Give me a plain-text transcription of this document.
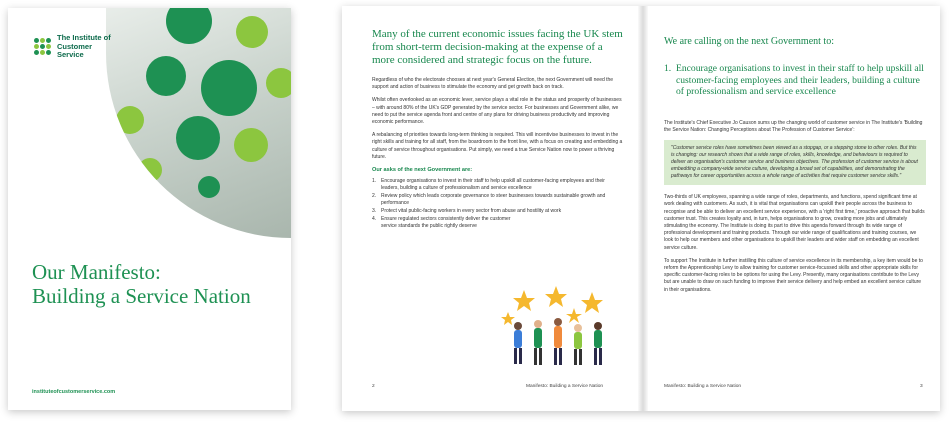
The Institute of
Customer Service
Our Manifesto:
Building a Service Nation
instituteofcustomerservice.com

Many of the current economic issues facing the UK stem from short-term decision-making at the expense of a more considered and strategic focus on the future.

Regardless of who the electorate chooses at next year's General Election, the next Government will need the support and action of business to stimulate the economy and get growth back on track.

Whilst often overlooked as an economic lever, service plays a vital role in the status and prosperity of businesses – with around 80% of the UK's GDP generated by the service sector. For businesses and Government alike, we need to put the service agenda front and centre of any plans for driving business productivity and improving economic performance.

A rebalancing of priorities towards long-term thinking is required. This will incentivise businesses to invest in the right skills and training for all staff, from the boardroom to the front line, with a focus on creating and embedding a culture of service throughout organisations. Put simply, we need a true Service Nation now to power a thriving future.

Our asks of the next Government are:
1. Encourage organisations to invest in their staff to help upskill all customer-facing employees and their leaders, building a culture of professionalism and service excellence
2. Review policy which leads corporate governance to steer businesses towards sustainable growth and performance
3. Protect vital public-facing workers in every sector from abuse and hostility at work
4. Ensure regulated sectors consistently deliver the customer service standards the public rightly deserve
2	Manifesto: Building a Service Nation
We are calling on the next Government to:
1. Encourage organisations to invest in their staff to help upskill all customer-facing employees and their leaders, building a culture of professionalism and service excellence

The Institute's Chief Executive Jo Causon sums up the changing world of customer service in The Institute's 'Building the Service Nation: Changing Perceptions about The Profession of Customer Service':

"Customer service roles have sometimes been viewed as a stopgap, or a stepping stone to other roles. But this is changing: our research shows that a wide range of roles, skills, knowledge, and behaviours is required to deliver an organisation's customer service and business objectives. The profession of customer service is about embedding a company-wide service culture, developing a broad set of capabilities, and demonstrating the pathways for career opportunities across a whole range of activities that require customer service skills."

Two-thirds of UK employees, spanning a wide range of roles, departments, and functions, spend significant time at work dealing with customers. As such, it is vital that organisations can upskill their people across the business to recognise and be able to deliver an excellent service experience, with a 'right first time,' proactive approach that builds customer trust. This creates loyalty and, in turn, helps organisations to grow, creating more jobs and ultimately stimulating the economy. The Institute is doing its part to drive this agenda forward through its wide range of professional development and training products. Through our wide range of qualifications and training courses, we look to help our members and other organisations to upskill their leaders and wider staff on embedding an excellent service culture.

To support The Institute in further instilling this culture of service excellence in its membership, a key item would be to reform the Apprenticeship Levy to allow training for customer service-focussed skills and other appropriate skills for specific customer-facing roles to be options for using the Levy. Presently, many organisations contribute to the Levy but are unable to draw on such funding to improve their service delivery and help embed an excellent service culture in their organisations.

Manifesto: Building a Service Nation	3
